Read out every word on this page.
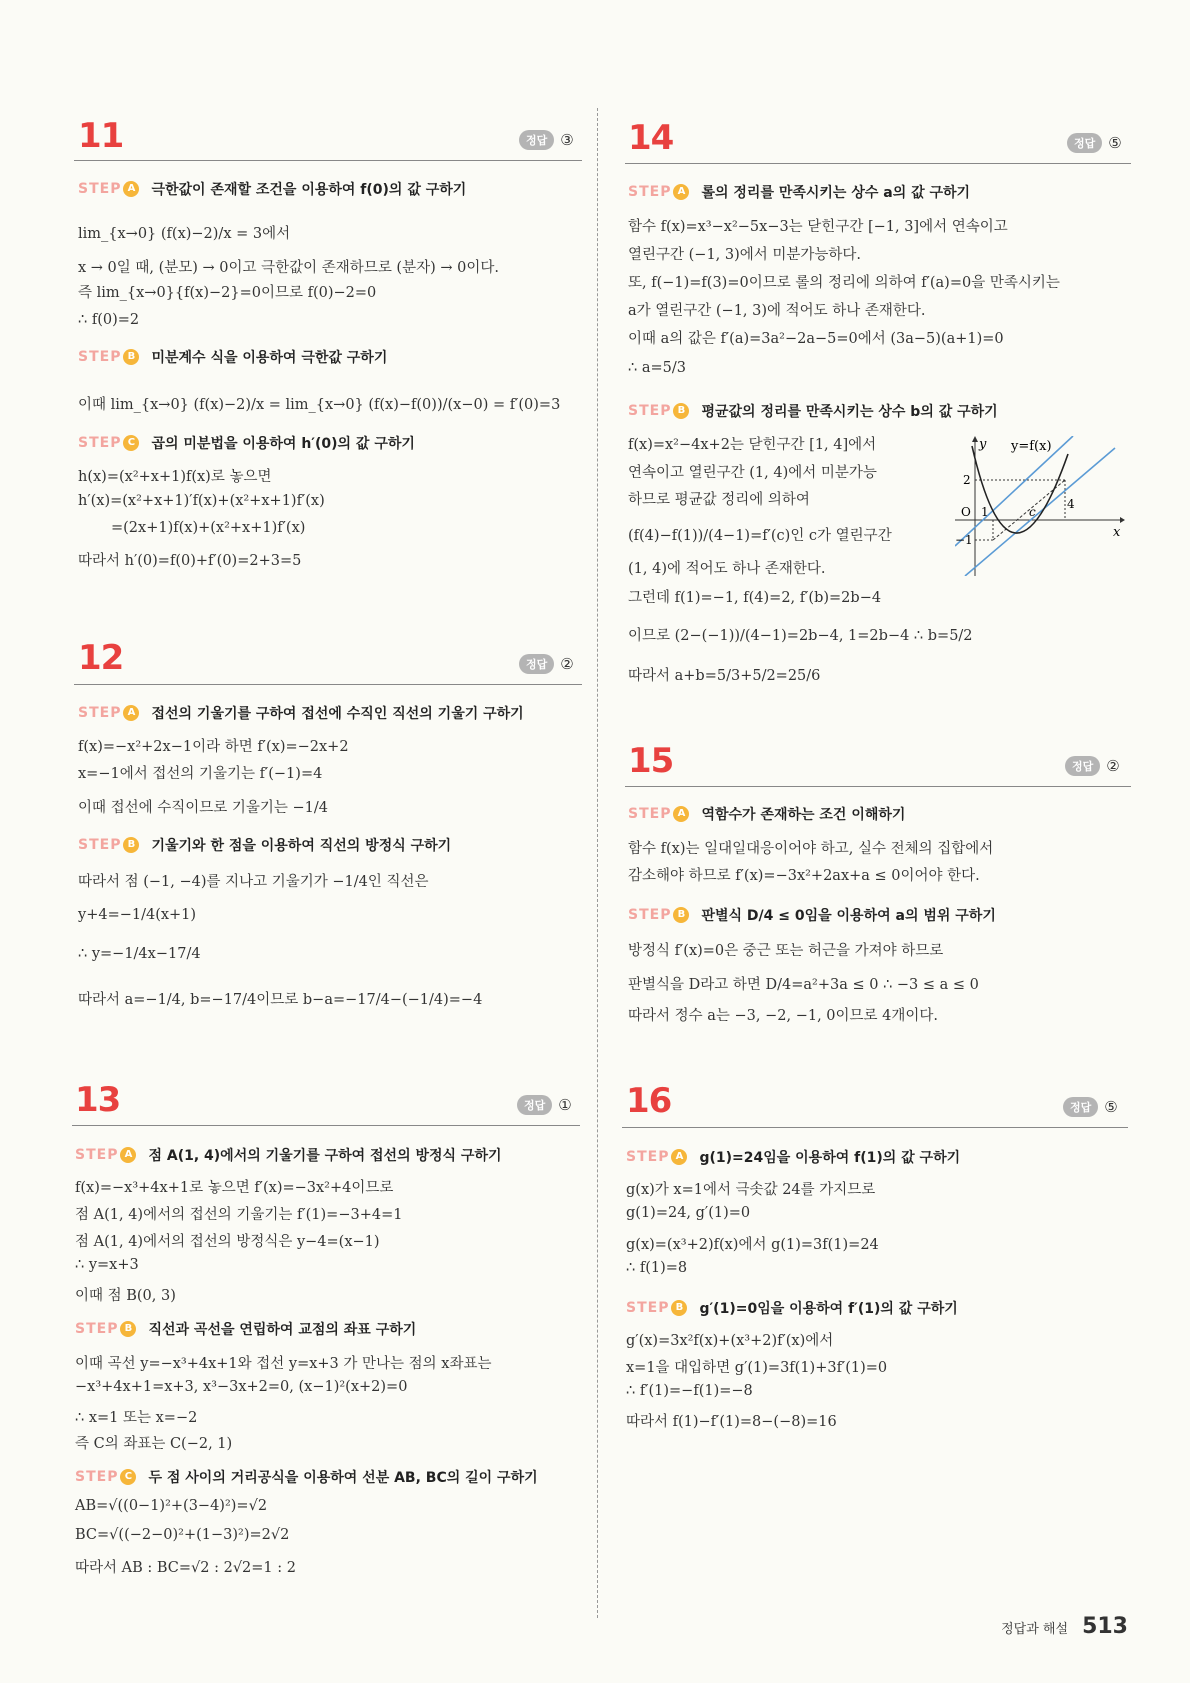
11	정답 ③
STEP A 극한값이 존재할 조건을 이용하여 f(0)의 값 구하기
lim_{x→0} (f(x)−2)/x = 3에서
x → 0일 때, (분모) → 0이고 극한값이 존재하므로 (분자) → 0이다.
즉 lim_{x→0}{f(x)−2}=0이므로 f(0)−2=0
∴ f(0)=2
STEP B 미분계수 식을 이용하여 극한값 구하기
이때 lim_{x→0} (f(x)−2)/x = lim_{x→0} (f(x)−f(0))/(x−0) = f′(0)=3
STEP C	곱의 미분법을 이용하여 h′(0)의 값 구하기
h(x)=(x²+x+1)f(x)로 놓으면
h′(x)=(x²+x+1)′f(x)+(x²+x+1)f′(x)
=(2x+1)f(x)+(x²+x+1)f′(x)
따라서 h′(0)=f(0)+f′(0)=2+3=5
12	정답 ②
STEP A 접선의 기울기를 구하여 접선에 수직인 직선의 기울기 구하기
f(x)=−x²+2x−1이라 하면 f′(x)=−2x+2
x=−1에서 접선의 기울기는 f′(−1)=4
이때 접선에 수직이므로 기울기는 −1/4
STEP B 기울기와 한 점을 이용하여 직선의 방정식 구하기
따라서 점 (−1, −4)를 지나고 기울기가 −1/4인 직선은
y+4=−1/4(x+1)
∴ y=−1/4x−17/4
따라서 a=−1/4, b=−17/4이므로 b−a=−17/4−(−1/4)=−4
13	정답 ①
STEP A 점 A(1, 4)에서의 기울기를 구하여 접선의 방정식 구하기
f(x)=−x³+4x+1로 놓으면 f′(x)=−3x²+4이므로
점 A(1, 4)에서의 접선의 기울기는 f′(1)=−3+4=1
점 A(1, 4)에서의 접선의 방정식은 y−4=(x−1)
∴ y=x+3
이때 점 B(0, 3)
STEP B 직선과 곡선을 연립하여 교점의 좌표 구하기
이때 곡선 y=−x³+4x+1와 접선 y=x+3 가 만나는 점의 x좌표는
−x³+4x+1=x+3, x³−3x+2=0, (x−1)²(x+2)=0
∴ x=1 또는 x=−2
즉 C의 좌표는 C(−2, 1)
STEP C	두 점 사이의 거리공식을 이용하여 선분 AB, BC의 길이 구하기
AB=√((0−1)²+(3−4)²)=√2
BC=√((−2−0)²+(1−3)²)=2√2
따라서 AB : BC=√2 : 2√2=1 : 2
14	정답 ⑤
STEP A 롤의 정리를 만족시키는 상수 a의 값 구하기
함수 f(x)=x³−x²−5x−3는 닫힌구간 [−1, 3]에서 연속이고
열린구간 (−1, 3)에서 미분가능하다.
또, f(−1)=f(3)=0이므로 롤의 정리에 의하여 f′(a)=0을 만족시키는
a가 열린구간 (−1, 3)에 적어도 하나 존재한다.
이때 a의 값은 f′(a)=3a²−2a−5=0에서 (3a−5)(a+1)=0
∴ a=5/3
STEP B 평균값의 정리를 만족시키는 상수 b의 값 구하기
f(x)=x²−4x+2는 닫힌구간 [1, 4]에서
연속이고 열린구간 (1, 4)에서 미분가능
하므로 평균값 정리에 의하여
(f(4)−f(1))/(4−1)=f′(c)인 c가 열린구간
(1, 4)에 적어도 하나 존재한다.
그런데 f(1)=−1, f(4)=2, f′(b)=2b−4
이므로 (2−(−1))/(4−1)=2b−4, 1=2b−4 ∴ b=5/2
따라서 a+b=5/3+5/2=25/6
y y=f(x)
x
O 1	c
4
2
−1
15	정답 ②
STEP A 역함수가 존재하는 조건 이해하기
함수 f(x)는 일대일대응이어야 하고, 실수 전체의 집합에서
감소해야 하므로 f′(x)=−3x²+2ax+a ≤ 0이어야 한다.
STEP B 판별식 D/4 ≤ 0임을 이용하여 a의 범위 구하기
방정식 f′(x)=0은 중근 또는 허근을 가져야 하므로
판별식을 D라고 하면 D/4=a²+3a ≤ 0 ∴ −3 ≤ a ≤ 0
따라서 정수 a는 −3, −2, −1, 0이므로 4개이다.
16	정답 ⑤
STEP A g(1)=24임을 이용하여 f(1)의 값 구하기
g(x)가 x=1에서 극솟값 24를 가지므로
g(1)=24, g′(1)=0
g(x)=(x³+2)f(x)에서 g(1)=3f(1)=24
∴ f(1)=8
STEP B g′(1)=0임을 이용하여 f′(1)의 값 구하기
g′(x)=3x²f(x)+(x³+2)f′(x)에서
x=1을 대입하면 g′(1)=3f(1)+3f′(1)=0
∴ f′(1)=−f(1)=−8
따라서 f(1)−f′(1)=8−(−8)=16
정답과 해설 513
